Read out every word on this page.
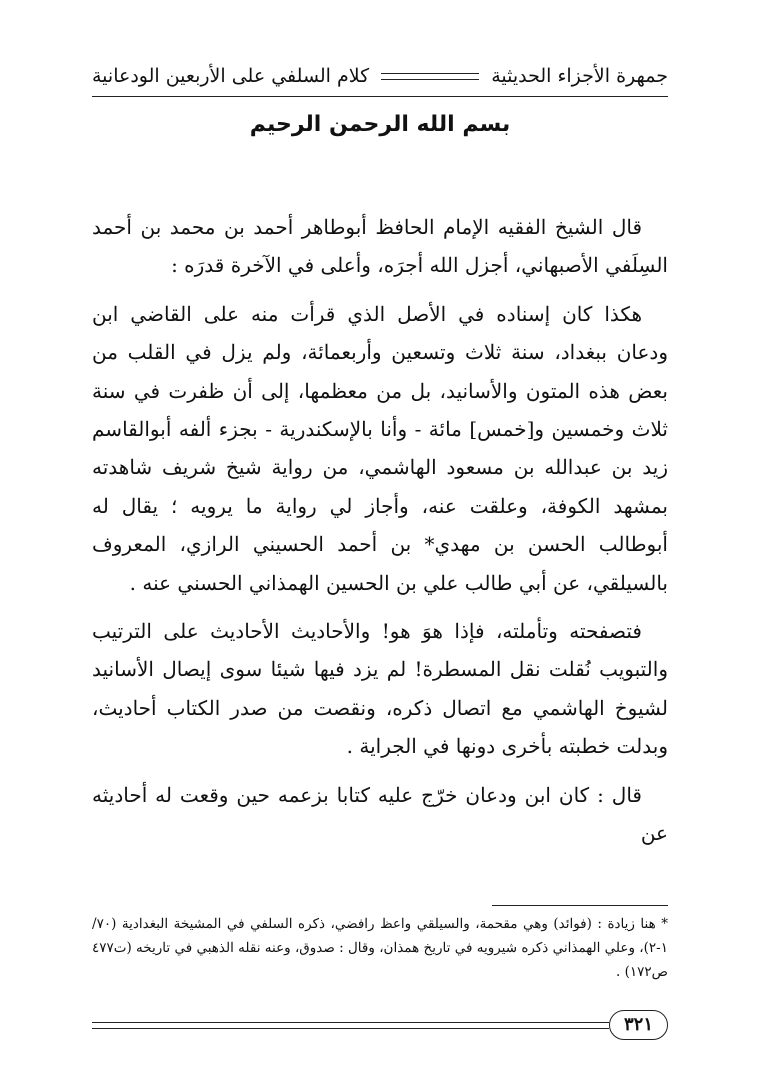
جمهرة الأجزاء الحديثية
كلام السلفي على الأربعين الودعانية
بسم الله الرحمن الرحيم

قال الشيخ الفقيه الإمام الحافظ أبوطاهر أحمد بن محمد بن أحمد السِلَفي الأصبهاني، أجزل الله أجرَه، وأعلى في الآخرة قدرَه :

هكذا كان إسناده في الأصل الذي قرأت منه على القاضي ابن ودعان ببغداد، سنة ثلاث وتسعين وأربعمائة، ولم يزل في القلب من بعض هذه المتون والأسانيد، بل من معظمها، إلى أن ظفرت في سنة ثلاث وخمسين و[خمس] مائة - وأنا بالإسكندرية - بجزء ألفه أبوالقاسم زيد بن عبدالله بن مسعود الهاشمي، من رواية شيخ شريف شاهدته بمشهد الكوفة، وعلقت عنه، وأجاز لي رواية ما يرويه ؛ يقال له أبوطالب الحسن بن مهدي* بن أحمد الحسيني الرازي، المعروف بالسيلقي، عن أبي طالب علي بن الحسين الهمذاني الحسني عنه .

فتصفحته وتأملته، فإذا هوَ هو! والأحاديث الأحاديث على الترتيب والتبويب نُقلت نقل المسطرة! لم يزد فيها شيئا سوى إيصال الأسانيد لشيوخ الهاشمي مع اتصال ذكره، ونقصت من صدر الكتاب أحاديث، وبدلت خطبته بأخرى دونها في الجراية .

قال : كان ابن ودعان خرّج عليه كتابا بزعمه حين وقعت له أحاديثه عن

* هنا زيادة : (فوائد) وهي مقحمة، والسيلقي واعظ رافضي، ذكره السلفي في المشيخة البغدادية (٧٠/ ١-٢)، وعلي الهمذاني ذكره شيرويه في تاريخ همذان، وقال : صدوق، وعنه نقله الذهبي في تاريخه (ت٤٧٧ ص١٧٢) .

٣٢١
